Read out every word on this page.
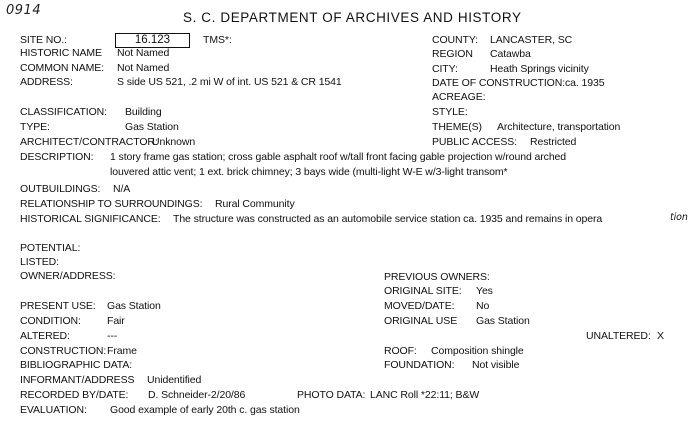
0914	S. C. DEPARTMENT OF ARCHIVES AND HISTORY
SITE NO.:	16.123	TMS*:	COUNTY: LANCASTER, SC
HISTORIC NAME Not Named	REGION Catawba
COMMON NAME: Not Named	CITY:	Heath Springs vicinity
ADDRESS:	S side US 521, .2 mi W of int. US 521 & CR 1541	DATE OF CONSTRUCTION: ca. 1935
ACREAGE:
CLASSIFICATION: Building	STYLE:
TYPE:	Gas Station	THEME(S) Architecture, transportation
ARCHITECT/CONTRACTOR:
Unknown	PUBLIC ACCESS: Restricted
DESCRIPTION: 1 story frame gas station; cross gable asphalt roof w/tall front facing gable projection w/round arched
louvered attic vent; 1 ext. brick chimney; 3 bays wide (multi-light W-E w/3-light transom*
OUTBUILDINGS: N/A
RELATIONSHIP TO SURROUNDINGS: Rural Community
HISTORICAL SIGNIFICANCE: The structure was constructed as an automobile service station ca. 1935 and remains in opera	tion
POTENTIAL:
LISTED:
OWNER/ADDRESS:	PREVIOUS OWNERS:
ORIGINAL SITE: Yes
PRESENT USE: Gas Station	MOVED/DATE: No
CONDITION: Fair	ORIGINAL USE Gas Station
ALTERED:	---	UNALTERED: X
CONSTRUCTION: Frame	ROOF: Composition shingle
BIBLIOGRAPHIC DATA:	FOUNDATION: Not visible
INFORMANT/ADDRESS Unidentified
RECORDED BY/DATE: D. Schneider-2/20/86	PHOTO DATA: LANC Roll *22:11; B&W
EVALUATION: Good example of early 20th c. gas station
